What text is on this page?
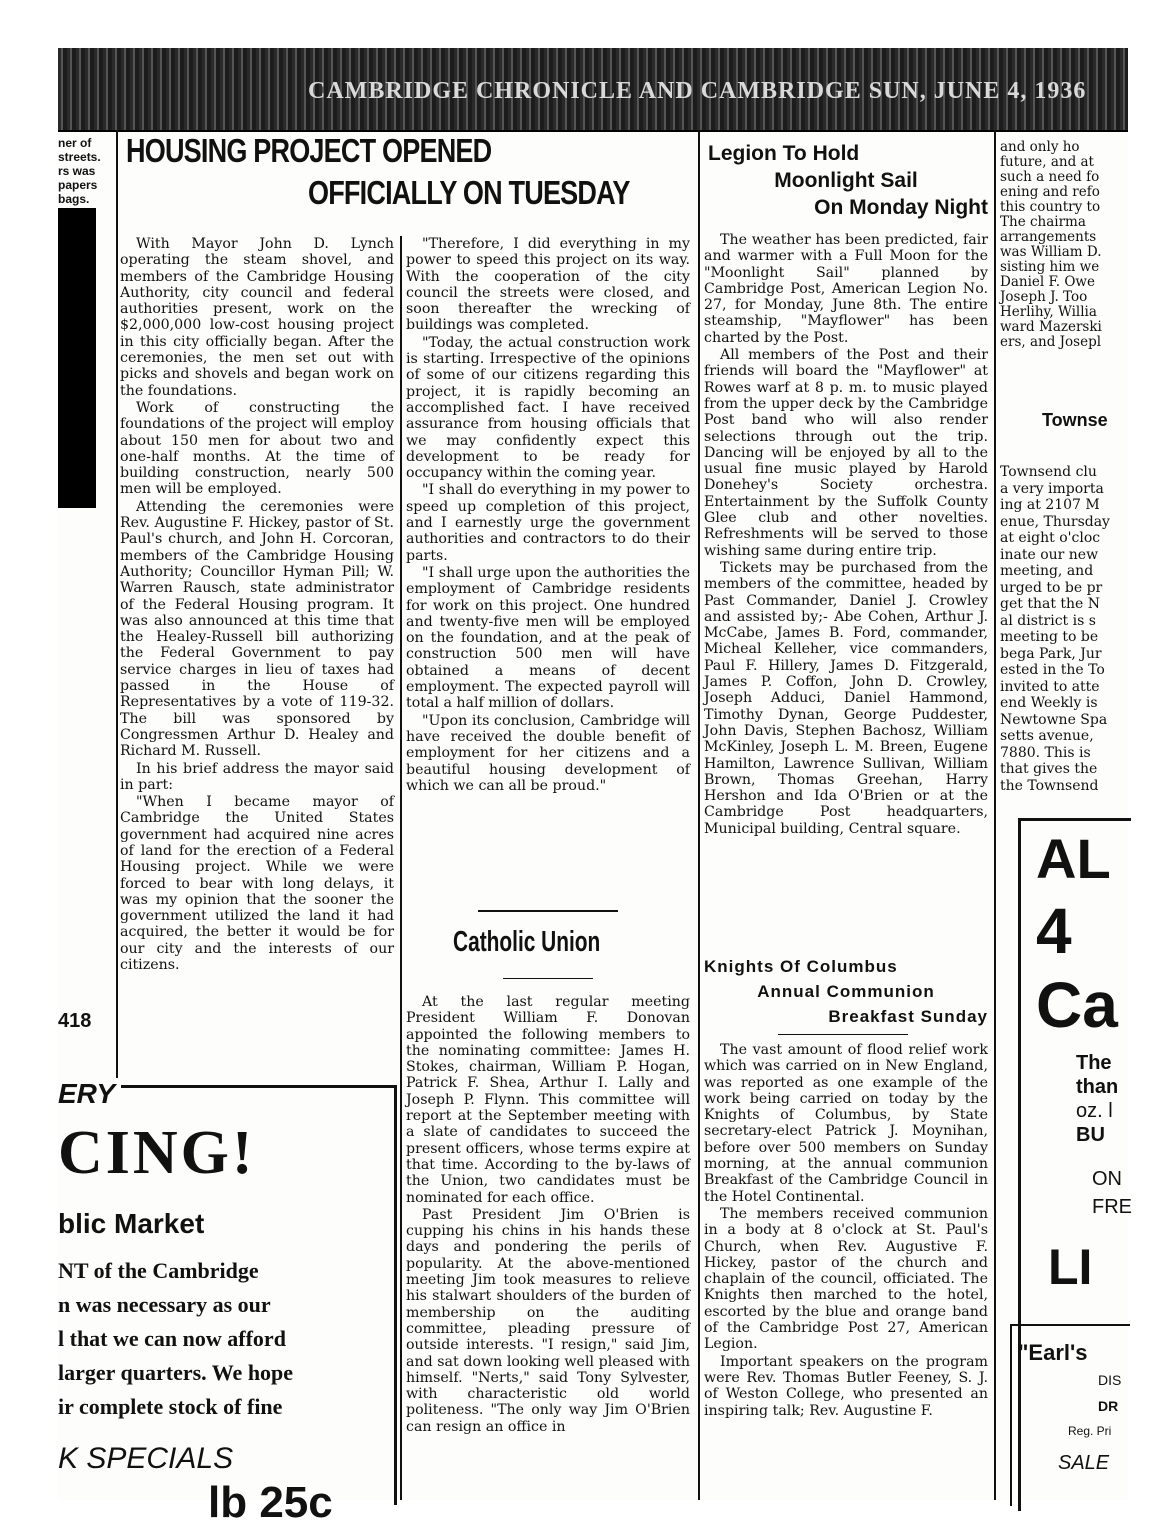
CAMBRIDGE CHRONICLE AND CAMBRIDGE SUN, JUNE 4, 1936
ner of
streets.
rs was
papers
bags.
418
HOUSING PROJECT OPENED
OFFICIALLY ON TUESDAY

With Mayor John D. Lynch operating the steam shovel, and members of the Cambridge Housing Authority, city council and federal authorities present, work on the $2,000,000 low-cost housing project in this city officially began. After the ceremonies, the men set out with picks and shovels and began work on the foundations.

Work of constructing the foundations of the project will employ about 150 men for about two and one-half months. At the time of building construction, nearly 500 men will be employed.

Attending the ceremonies were Rev. Augustine F. Hickey, pastor of St. Paul's church, and John H. Corcoran, members of the Cambridge Housing Authority; Councillor Hyman Pill; W. Warren Rausch, state administrator of the Federal Housing program. It was also announced at this time that the Healey-Russell bill authorizing the Federal Government to pay service charges in lieu of taxes had passed in the House of Representatives by a vote of 119-32. The bill was sponsored by Congressmen Arthur D. Healey and Richard M. Russell.

In his brief address the mayor said in part:

"When I became mayor of Cambridge the United States government had acquired nine acres of land for the erection of a Federal Housing project. While we were forced to bear with long delays, it was my opinion that the sooner the government utilized the land it had acquired, the better it would be for our city and the interests of our citizens.

"Therefore, I did everything in my power to speed this project on its way. With the cooperation of the city council the streets were closed, and soon thereafter the wrecking of buildings was completed.

"Today, the actual construction work is starting. Irrespective of the opinions of some of our citizens regarding this project, it is rapidly becoming an accomplished fact. I have received assurance from housing officials that we may confidently expect this development to be ready for occupancy within the coming year.

"I shall do everything in my power to speed up completion of this project, and I earnestly urge the government authorities and contractors to do their parts.

"I shall urge upon the authorities the employment of Cambridge residents for work on this project. One hundred and twenty-five men will be employed on the foundation, and at the peak of construction 500 men will have obtained a means of decent employment. The expected payroll will total a half million of dollars.

"Upon its conclusion, Cambridge will have received the double benefit of employment for her citizens and a beautiful housing development of which we can all be proud."

Catholic Union

At the last regular meeting President William F. Donovan appointed the following members to the nominating committee: James H. Stokes, chairman, William P. Hogan, Patrick F. Shea, Arthur I. Lally and Joseph P. Flynn. This committee will report at the September meeting with a slate of candidates to succeed the present officers, whose terms expire at that time. According to the by-laws of the Union, two candidates must be nominated for each office.

Past President Jim O'Brien is cupping his chins in his hands these days and pondering the perils of popularity. At the above-mentioned meeting Jim took measures to relieve his stalwart shoulders of the burden of membership on the auditing committee, pleading pressure of outside interests. "I resign," said Jim, and sat down looking well pleased with himself. "Nerts," said Tony Sylvester, with characteristic old world politeness. "The only way Jim O'Brien can resign an office in

Legion To Hold
Moonlight Sail
On Monday Night

The weather has been predicted, fair and warmer with a Full Moon for the "Moonlight Sail" planned by Cambridge Post, American Legion No. 27, for Monday, June 8th. The entire steamship, "Mayflower" has been charted by the Post.

All members of the Post and their friends will board the "Mayflower" at Rowes warf at 8 p. m. to music played from the upper deck by the Cambridge Post band who will also render selections through out the trip. Dancing will be enjoyed by all to the usual fine music played by Harold Donehey's Society orchestra. Entertainment by the Suffolk County Glee club and other novelties. Refreshments will be served to those wishing same during entire trip.

Tickets may be purchased from the members of the committee, headed by Past Commander, Daniel J. Crowley and assisted by;- Abe Cohen, Arthur J. McCabe, James B. Ford, commander, Micheal Kelleher, vice commanders, Paul F. Hillery, James D. Fitzgerald, James P. Coffon, John D. Crowley, Joseph Adduci, Daniel Hammond, Timothy Dynan, George Puddester, John Davis, Stephen Bachosz, William McKinley, Joseph L. M. Breen, Eugene Hamilton, Lawrence Sullivan, William Brown, Thomas Greehan, Harry Hershon and Ida O'Brien or at the Cambridge Post headquarters, Municipal building, Central square.

Knights Of Columbus
Annual Communion
Breakfast Sunday

The vast amount of flood relief work which was carried on in New England, was reported as one example of the work being carried on today by the Knights of Columbus, by State secretary-elect Patrick J. Moynihan, before over 500 members on Sunday morning, at the annual communion Breakfast of the Cambridge Council in the Hotel Continental.

The members received communion in a body at 8 o'clock at St. Paul's Church, when Rev. Augustive F. Hickey, pastor of the church and chaplain of the council, officiated. The Knights then marched to the hotel, escorted by the blue and orange band of the Cambridge Post 27, American Legion.

Important speakers on the program were Rev. Thomas Butler Feeney, S. J. of Weston College, who presented an inspiring talk; Rev. Augustine F.

and only ho
future, and at
such a need fo
ening and refo
this country to
The chairma
arrangements
was William D.
sisting him we
Daniel F. Owe
Joseph J. Too
Herlihy, Willia
ward Mazerski
ers, and Josepl
Townse
Townsend clu
a very importa
ing at 2107 M
enue, Thursday
at eight o'cloc
inate our new
meeting, and
urged to be pr
get that the N
al district is s
meeting to be
bega Park, Jur
ested in the To
invited to atte
end Weekly is
Newtowne Spa
setts avenue,
7880. This is
that gives the
the Townsend
AL
4
Ca
The
than
oz. l
BU
ON
FRE
LI
"Earl's
DIS
DR
Reg. Pri
SALE
ERY
CING!
blic Market
NT of the Cambridge
n was necessary as our
l that we can now afford
larger quarters. We hope
ir complete stock of fine
K SPECIALS
lb 25c
